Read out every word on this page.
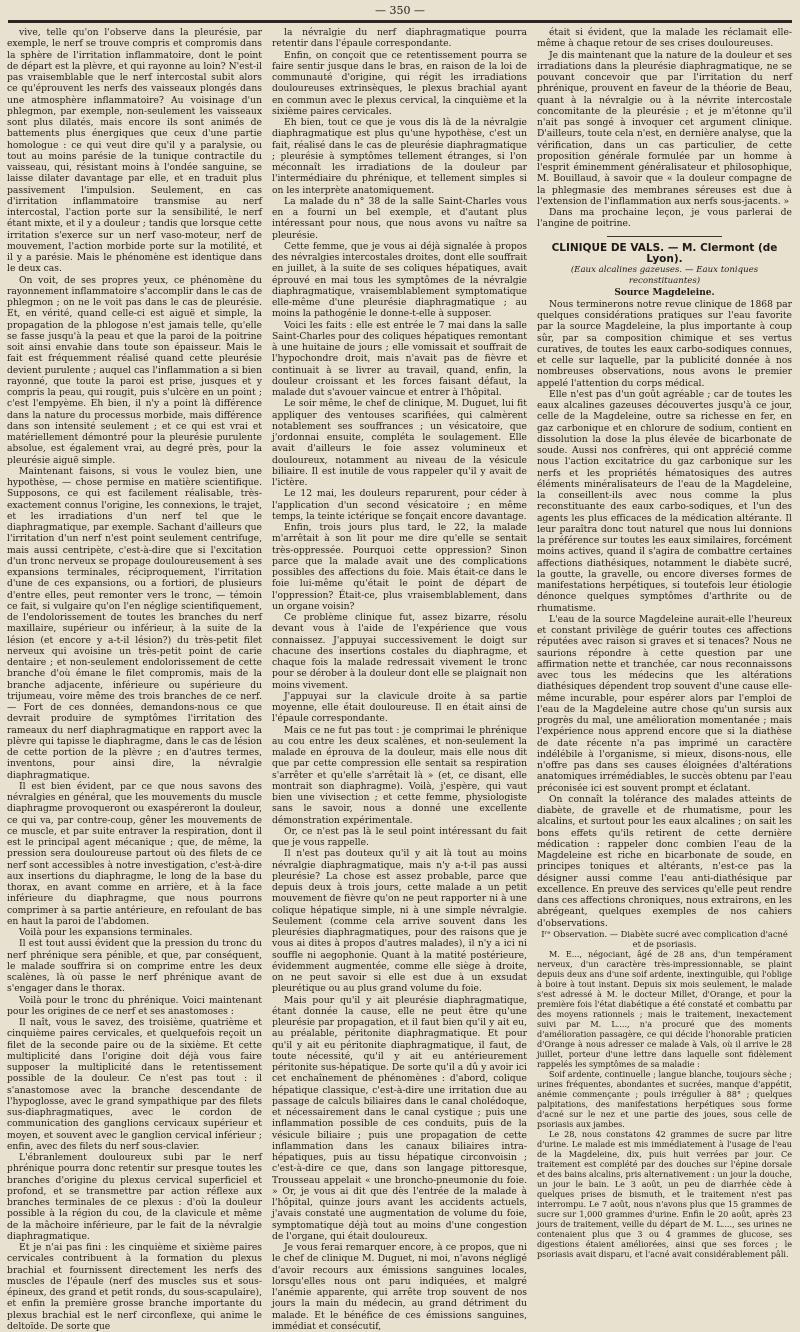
— 350 —

vive, telle qu'on l'observe dans la pleurésie, par exemple, le nerf se trouve compris et compromis dans la sphère de l'irritation inflammatoire, dont le point de départ est la plèvre, et qui rayonne au loin? N'est-il pas vraisemblable que le nerf intercostal subit alors ce qu'éprouvent les nerfs des vaisseaux plongés dans une atmosphère inflammatoire? Au voisinage d'un phlegmon, par exemple, non-seulement les vaisseaux sont plus dilatés, mais encore ils sont animés de battements plus énergiques que ceux d'une partie homologue : ce qui veut dire qu'il y a paralysie, ou tout au moins parésie de la tunique contractile du vaisseau, qui, résistant moins à l'ondée sanguine, se laisse dilater davantage par elle, et en traduit plus passivement l'impulsion. Seulement, en cas d'irritation inflammatoire transmise au nerf intercostal, l'action porte sur la sensibilité, le nerf étant mixte, et il y a douleur ; tandis que lorsque cette irritation s'exerce sur un nerf vaso-moteur, nerf de mouvement, l'action morbide porte sur la motilité, et il y a parésie. Mais le phénomène est identique dans le deux cas.

On voit, de ses propres yeux, ce phénomène du rayonnement inflammatoire s'accomplir dans le cas de phlegmon ; on ne le voit pas dans le cas de pleurésie. Et, en vérité, quand celle-ci est aiguë et simple, la propagation de la phlogose n'est jamais telle, qu'elle se fasse jusqu'à la peau et que la paroi de la poitrine soit ainsi envahie dans toute son épaisseur. Mais le fait est fréquemment réalisé quand cette pleurésie devient purulente ; auquel cas l'inflammation a si bien rayonné, que toute la paroi est prise, jusques et y compris la peau, qui rougit, puis s'ulcère en un point ; c'est l'empyème. Eh bien, il n'y a point là différence dans la nature du processus morbide, mais différence dans son intensité seulement ; et ce qui est vrai et matériellement démontré pour la pleurésie purulente absolue, est également vrai, au degré près, pour la pleurésie aiguë simple.

Maintenant faisons, si vous le voulez bien, une hypothèse, — chose permise en matière scientifique. Supposons, ce qui est facilement réalisable, très-exactement connus l'origine, les connexions, le trajet, et les irradiations d'un nerf tel que le diaphragmatique, par exemple. Sachant d'ailleurs que l'irritation d'un nerf n'est point seulement centrifuge, mais aussi centripète, c'est-à-dire que si l'excitation d'un tronc nerveux se propage douloureusement à ses expansions terminales, réciproquement, l'irritation d'une de ces expansions, ou a fortiori, de plusieurs d'entre elles, peut remonter vers le tronc, — témoin ce fait, si vulgaire qu'on l'en néglige scientifiquement, de l'endolorissement de toutes les branches du nerf maxillaire, supérieur ou inférieur, à la suite de la lésion (et encore y a-t-il lésion?) du très-petit filet nerveux qui avoisine un très-petit point de carie dentaire ; et non-seulement endolorissement de cette branche d'où émane le filet compromis, mais de la branche adjacente, inférieure ou supérieure du trijumeau, voire même des trois branches de ce nerf. — Fort de ces données, demandons-nous ce que devrait produire de symptômes l'irritation des rameaux du nerf diaphragmatique en rapport avec la plèvre qui tapisse le diaphragme, dans le cas de lésion de cette portion de la plèvre ; en d'autres termes, inventons, pour ainsi dire, la névralgie diaphragmatique.

Il est bien évident, par ce que nous savons des névralgies en général, que les mouvements du muscle diaphragme provoqueront ou exaspéreront la douleur, ce qui va, par contre-coup, gêner les mouvements de ce muscle, et par suite entraver la respiration, dont il est le principal agent mécanique ; que, de même, la pression sera douloureuse partout où des filets de ce nerf sont accessibles à notre investigation, c'est-à-dire aux insertions du diaphragme, le long de la base du thorax, en avant comme en arrière, et à la face inférieure du diaphragme, que nous pourrons comprimer à sa partie antérieure, en refoulant de bas en haut la paroi de l'abdomen.

Voilà pour les expansions terminales.

Il est tout aussi évident que la pression du tronc du nerf phrénique sera pénible, et que, par conséquent, le malade souffrira si on comprime entre les deux scalènes, là où passe le nerf phrénique avant de s'engager dans le thorax.

Voilà pour le tronc du phrénique. Voici maintenant pour les origines de ce nerf et ses anastomoses :

Il naît, vous le savez, des troisième, quatrième et cinquième paires cervicales, et quelquefois reçoit un filet de la seconde paire ou de la sixième. Et cette multiplicité dans l'origine doit déjà vous faire supposer la multiplicité dans le retentissement possible de la douleur. Ce n'est pas tout : il s'anastomose avec la branche descendante de l'hypoglosse, avec le grand sympathique par des filets sus-diaphragmatiques, avec le cordon de communication des ganglions cervicaux supérieur et moyen, et souvent avec le ganglion cervical inférieur ; enfin, avec des filets du nerf sous-clavier.

L'ébranlement douloureux subi par le nerf phrénique pourra donc retentir sur presque toutes les branches d'origine du plexus cervical superficiel et profond, et se transmettre par action réflexe aux branches terminales de ce plexus : d'où la douleur possible à la région du cou, de la clavicule et même de la mâchoire inférieure, par le fait de la névralgie diaphragmatique.

Et je n'ai pas fini : les cinquième et sixième paires cervicales contribuent à la formation du plexus brachial et fournissent directement les nerfs des muscles de l'épaule (nerf des muscles sus et sous-épineux, des grand et petit ronds, du sous-scapulaire), et enfin la première grosse branche importante du plexus brachial est le nerf circonflexe, qui anime le deltoïde. De sorte que

la névralgie du nerf diaphragmatique pourra retentir dans l'épaule correspondante.

Enfin, on conçoit que ce retentissement pourra se faire sentir jusque dans le bras, en raison de la loi de communauté d'origine, qui régit les irradiations douloureuses extrinsèques, le plexus brachial ayant en commun avec le plexus cervical, la cinquième et la sixième paires cervicales.

Eh bien, tout ce que je vous dis là de la névralgie diaphragmatique est plus qu'une hypothèse, c'est un fait, réalisé dans le cas de pleurésie diaphragmatique ; pleurésie à symptômes tellement étranges, si l'on méconnaît les irradiations de la douleur par l'intermédiaire du phrénique, et tellement simples si on les interprète anatomiquement.

La malade du n° 38 de la salle Saint-Charles vous en a fourni un bel exemple, et d'autant plus intéressant pour nous, que nous avons vu naître sa pleurésie.

Cette femme, que je vous ai déjà signalée à propos des névralgies intercostales droites, dont elle souffrait en juillet, à la suite de ses coliques hépatiques, avait éprouvé en mai tous les symptômes de la névralgie diaphragmatique, vraisemblablement symptomatique elle-même d'une pleurésie diaphragmatique ; au moins la pathogénie le donne-t-elle à supposer.

Voici les faits : elle est entrée le 7 mai dans la salle Saint-Charles pour des coliques hépatiques remontant à une huitaine de jours ; elle vomissait et souffrait de l'hypochondre droit, mais n'avait pas de fièvre et continuait à se livrer au travail, quand, enfin, la douleur croissant et les forces faisant défaut, la malade dut s'avouer vaincue et entrer à l'hôpital.

Le soir même, le chef de clinique, M. Duguet, lui fit appliquer des ventouses scarifiées, qui calmèrent notablement ses souffrances ; un vésicatoire, que j'ordonnai ensuite, compléta le soulagement. Elle avait d'ailleurs le foie assez volumineux et douloureux, notamment au niveau de la vésicule biliaire. Il est inutile de vous rappeler qu'il y avait de l'ictère.

Le 12 mai, les douleurs reparurent, pour céder à l'application d'un second vésicatoire ; en même temps, la teinte ictérique se fonçait encore davantage.

Enfin, trois jours plus tard, le 22, la malade m'arrêtait à son lit pour me dire qu'elle se sentait très-oppressée. Pourquoi cette oppression? Sinon parce que la malade avait une des complications possibles des affections du foie. Mais était-ce dans le foie lui-même qu'était le point de départ de l'oppression? Était-ce, plus vraisemblablement, dans un organe voisin?

Ce problème clinique fut, assez bizarre, résolu devant vous à l'aide de l'expérience que vous connaissez. J'appuyai successivement le doigt sur chacune des insertions costales du diaphragme, et chaque fois la malade redressait vivement le tronc pour se dérober à la douleur dont elle se plaignait non moins vivement.

J'appuyai sur la clavicule droite à sa partie moyenne, elle était douloureuse. Il en était ainsi de l'épaule correspondante.

Mais ce ne fut pas tout : je comprimai le phrénique au cou entre les deux scalènes, et non-seulement la malade en éprouva de la douleur, mais elle nous dit que par cette compression elle sentait sa respiration s'arrêter et qu'elle s'arrêtait là » (et, ce disant, elle montrait son diaphragme). Voilà, j'espère, qui vaut bien une vivisection ; et cette femme, physiologiste sans le savoir, nous a donné une excellente démonstration expérimentale.

Or, ce n'est pas là le seul point intéressant du fait que je vous rappelle.

Il n'est pas douteux qu'il y ait là tout au moins névralgie diaphragmatique, mais n'y a-t-il pas aussi pleurésie? La chose est assez probable, parce que depuis deux à trois jours, cette malade a un petit mouvement de fièvre qu'on ne peut rapporter ni à une colique hépatique simple, ni à une simple névralgie. Seulement (comme cela arrive souvent dans les pleurésies diaphragmatiques, pour des raisons que je vous ai dites à propos d'autres malades), il n'y a ici ni souffle ni aegophonie. Quant à la matité postérieure, évidemment augmentée, comme elle siège à droite, on ne peut savoir si elle est due à un exsudat pleurétique ou au plus grand volume du foie.

Mais pour qu'il y ait pleurésie diaphragmatique, étant donnée la cause, elle ne peut être qu'une pleurésie par propagation, et il faut bien qu'il y ait eu, au préalable, péritonite diaphragmatique. Et pour qu'il y ait eu péritonite diaphragmatique, il faut, de toute nécessité, qu'il y ait eu antérieurement péritonite sus-hépatique. De sorte qu'il a dû y avoir ici cet enchaînement de phénomènes : d'abord, colique hépatique classique, c'est-à-dire une irritation due au passage de calculs biliaires dans le canal cholédoque, et nécessairement dans le canal cystique ; puis une inflammation possible de ces conduits, puis de la vésicule biliaire ; puis une propagation de cette inflammation dans les canaux biliaires intra-hépatiques, puis au tissu hépatique circonvoisin ; c'est-à-dire ce que, dans son langage pittoresque, Trousseau appelait « une broncho-pneumonie du foie. » Or, je vous ai dit que dès l'entrée de la malade à l'hôpital, quinze jours avant les accidents actuels, j'avais constaté une augmentation de volume du foie, symptomatique déjà tout au moins d'une congestion de l'organe, qui était douloureux.

Je vous ferai remarquer encore, à ce propos, que ni le chef de clinique M. Duguet, ni moi, n'avons négligé d'avoir recours aux émissions sanguines locales, lorsqu'elles nous ont paru indiquées, et malgré l'anémie apparente, qui arrête trop souvent de nos jours la main du médecin, au grand détriment du malade. Et le bénéfice de ces émissions sanguines, immédiat et consécutif,

était si évident, que la malade les réclamait elle-même à chaque retour de ses crises douloureuses.

Je dis maintenant que la nature de la douleur et ses irradiations dans la pleurésie diaphragmatique, ne se pouvant concevoir que par l'irritation du nerf phrénique, prouvent en faveur de la théorie de Beau, quant à la névralgie ou à la névrite intercostale concomitante de la pleurésie ; et je m'étonne qu'il n'ait pas songé à invoquer cet argument clinique. D'ailleurs, toute cela n'est, en dernière analyse, que la vérification, dans un cas particulier, de cette proposition générale formulée par un homme à l'esprit éminemment généralisateur et philosophique, M. Bouillaud, à savoir que « la douleur compagne de la phlegmasie des membranes séreuses est due à l'extension de l'inflammation aux nerfs sous-jacents. »

Dans ma prochaine leçon, je vous parlerai de l'angine de poitrine.

CLINIQUE DE VALS. — M. Clermont (de Lyon).

(Eaux alcalines gazeuses. — Eaux toniques reconstituantes)

Source Magdeleine.

Nous terminerons notre revue clinique de 1868 par quelques considérations pratiques sur l'eau favorite par la source Magdeleine, la plus importante à coup sûr, par sa composition chimique et ses vertus curatives, de toutes les eaux carbo-sodiques connues, et celle sur laquelle, par la publicité donnée à nos nombreuses observations, nous avons le premier appelé l'attention du corps médical.

Elle n'est pas d'un goût agréable ; car de toutes les eaux alcalines gazeuses découvertes jusqu'à ce jour, celle de la Magdeleine, outre sa richesse en fer, en gaz carbonique et en chlorure de sodium, contient en dissolution la dose la plus élevée de bicarbonate de soude. Aussi nos confrères, qui ont apprécié comme nous l'action excitatrice du gaz carbonique sur les nerfs et les propriétés hématosiques des autres éléments minéralisateurs de l'eau de la Magdeleine, la conseillent-ils avec nous comme la plus reconstituante des eaux carbo-sodiques, et l'un des agents les plus efficaces de la médication altérante. Il leur paraîtra donc tout naturel que nous lui donnions la préférence sur toutes les eaux similaires, forcément moins actives, quand il s'agira de combattre certaines affections diathésiques, notamment le diabète sucré, la goutte, la gravelle, ou encore diverses formes de manifestations herpétiques, si toutefois leur étiologie dénonce quelques symptômes d'arthrite ou de rhumatisme.

L'eau de la source Magdeleine aurait-elle l'heureux et constant privilège de guérir toutes ces affections réputées avec raison si graves et si tenaces? Nous ne saurions répondre à cette question par une affirmation nette et tranchée, car nous reconnaissons avec tous les médecins que les altérations diathésiques dépendent trop souvent d'une cause elle-même incurable, pour espérer alors par l'emploi de l'eau de la Magdeleine autre chose qu'un sursis aux progrès du mal, une amélioration momentanée ; mais l'expérience nous apprend encore que si la diathèse de date récente n'a pas imprimé un caractère indélébile à l'organisme, si mieux, disons-nous, elle n'offre pas dans ses causes éloignées d'altérations anatomiques irrémédiables, le succès obtenu par l'eau préconisée ici est souvent prompt et éclatant.

On connaît la tolérance des malades atteints de diabète, de gravelle et de rhumatisme, pour les alcalins, et surtout pour les eaux alcalines ; on sait les bons effets qu'ils retirent de cette dernière médication : rappeler donc combien l'eau de la Magdeleine est riche en bicarbonate de soude, en principes toniques et altérants, n'est-ce pas la désigner aussi comme l'eau anti-diathésique par excellence. En preuve des services qu'elle peut rendre dans ces affections chroniques, nous extrairons, en les abrégeant, quelques exemples de nos cahiers d'observations.

Iʳᵉ Observation. — Diabète sucré avec complication d'acné et de psoriasis.

M. E..., négociant, âgé de 28 ans, d'un tempérament nerveux, d'un caractère très-impressionnable, se plaint depuis deux ans d'une soif ardente, inextinguible, qui l'oblige à boire à tout instant. Depuis six mois seulement, le malade s'est adressé à M. le docteur Millet, d'Orange, et pour la première fois l'état diabétique a été constaté et combattu par des moyens rationnels ; mais le traitement, inexactement suivi par M. L...., n'a procuré que des moments d'amélioration passagère, ce qui décide l'honorable praticien d'Orange à nous adresser ce malade à Vals, où il arrive le 28 juillet, porteur d'une lettre dans laquelle sont fidèlement rappelés les symptômes de sa maladie :

Soif ardente, continuelle ; langue blanche, toujours sèche ; urines fréquentes, abondantes et sucrées, manque d'appétit, anémie commençante ; pouls irrégulier à 88° ; quelques palpitations, des manifestations herpétiques sous forme d'acné sur le nez et une partie des joues, sous celle de psoriasis aux jambes.

Le 28, nous constatons 42 grammes de sucre par litre d'urine. Le malade est mis immédiatement à l'usage de l'eau de la Magdeleine, dix, puis huit verrées par jour. Ce traitement est complété par des douches sur l'épine dorsale et des bains alcalins, pris alternativement : un jour la douche, un jour le bain. Le 3 août, un peu de diarrhée cède à quelques prises de bismuth, et le traitement n'est pas interrompu. Le 7 août, nous n'avons plus que 15 grammes de sucre sur 1,000 grammes d'urine. Enfin le 20 août, après 23 jours de traitement, veille du départ de M. L...., ses urines ne contenaient plus que 3 ou 4 grammes de glucose, ses digestions étaient améliorées, ainsi que ses forces ; le psoriasis avait disparu, et l'acné avait considérablement pâli.
